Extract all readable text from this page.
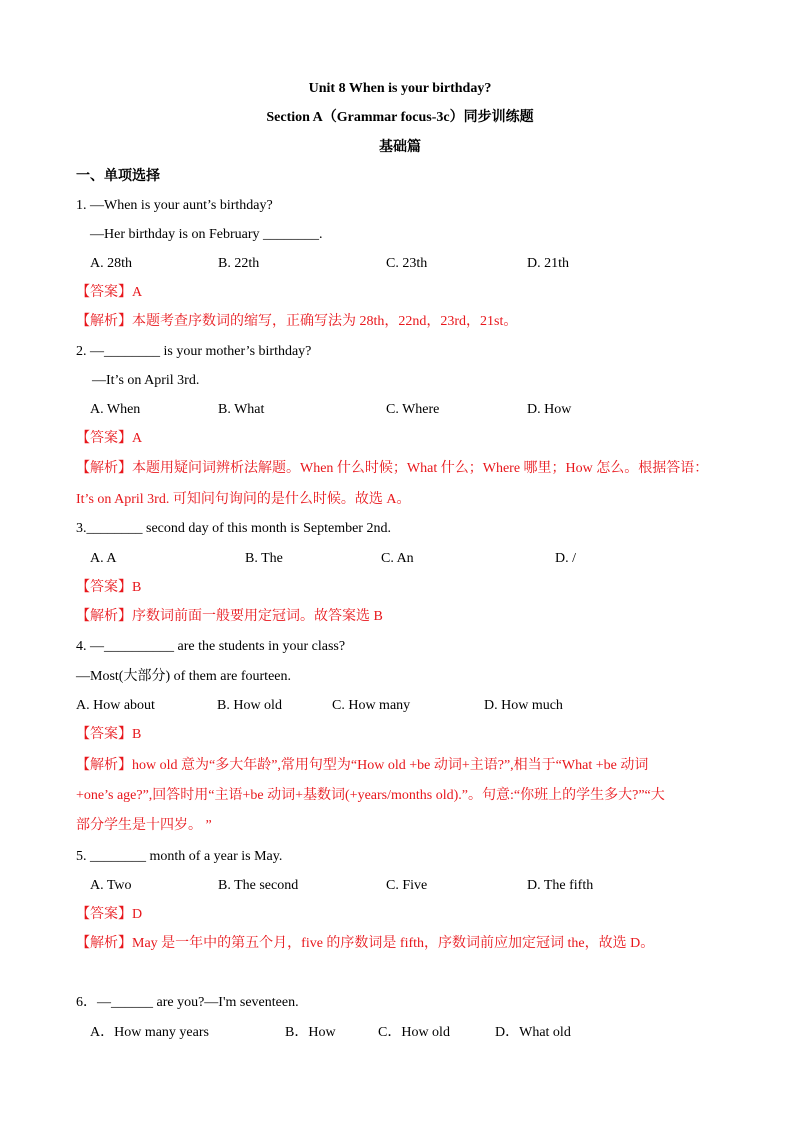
Unit 8 When is your birthday?
Section A（Grammar focus-3c）同步训练题
基础篇
一、单项选择
1. —When is your aunt’s birthday?
—Her birthday is on February ________.
A. 28th	B. 22th	C. 23th	D. 21th
【答案】A
【解析】本题考查序数词的缩写，正确写法为 28th，22nd，23rd，21st。
2. —________ is your mother’s birthday?
—It’s on April 3rd.
A. When	B. What	C. Where	D. How
【答案】A
【解析】本题用疑问词辨析法解题。When 什么时候；What 什么；Where 哪里；How 怎么。根据答语：
It’s on April 3rd. 可知问句询问的是什么时候。故选 A。
3.________ second day of this month is September 2nd.
A. A	B. The	C. An	D. /
【答案】B
【解析】序数词前面一般要用定冠词。故答案选 B
4. —__________ are the students in your class?
—Most(大部分) of them are fourteen.
A. How about	B. How old	C. How many	D. How much
【答案】B
【解析】how old 意为“多大年龄”,常用句型为“How old +be 动词+主语?”,相当于“What +be 动词
+one’s age?”,回答时用“主语+be 动词+基数词(+years/months old).”。句意:“你班上的学生多大?”“大
部分学生是十四岁。 ”
5. ________ month of a year is May.
A. Two	B. The second	C. Five	D. The fifth
【答案】D
【解析】May 是一年中的第五个月，five 的序数词是 fifth，序数词前应加定冠词 the，故选 D。
6．—______ are you?—I'm seventeen.
A．How many years	B．How	C．How old	D．What old
